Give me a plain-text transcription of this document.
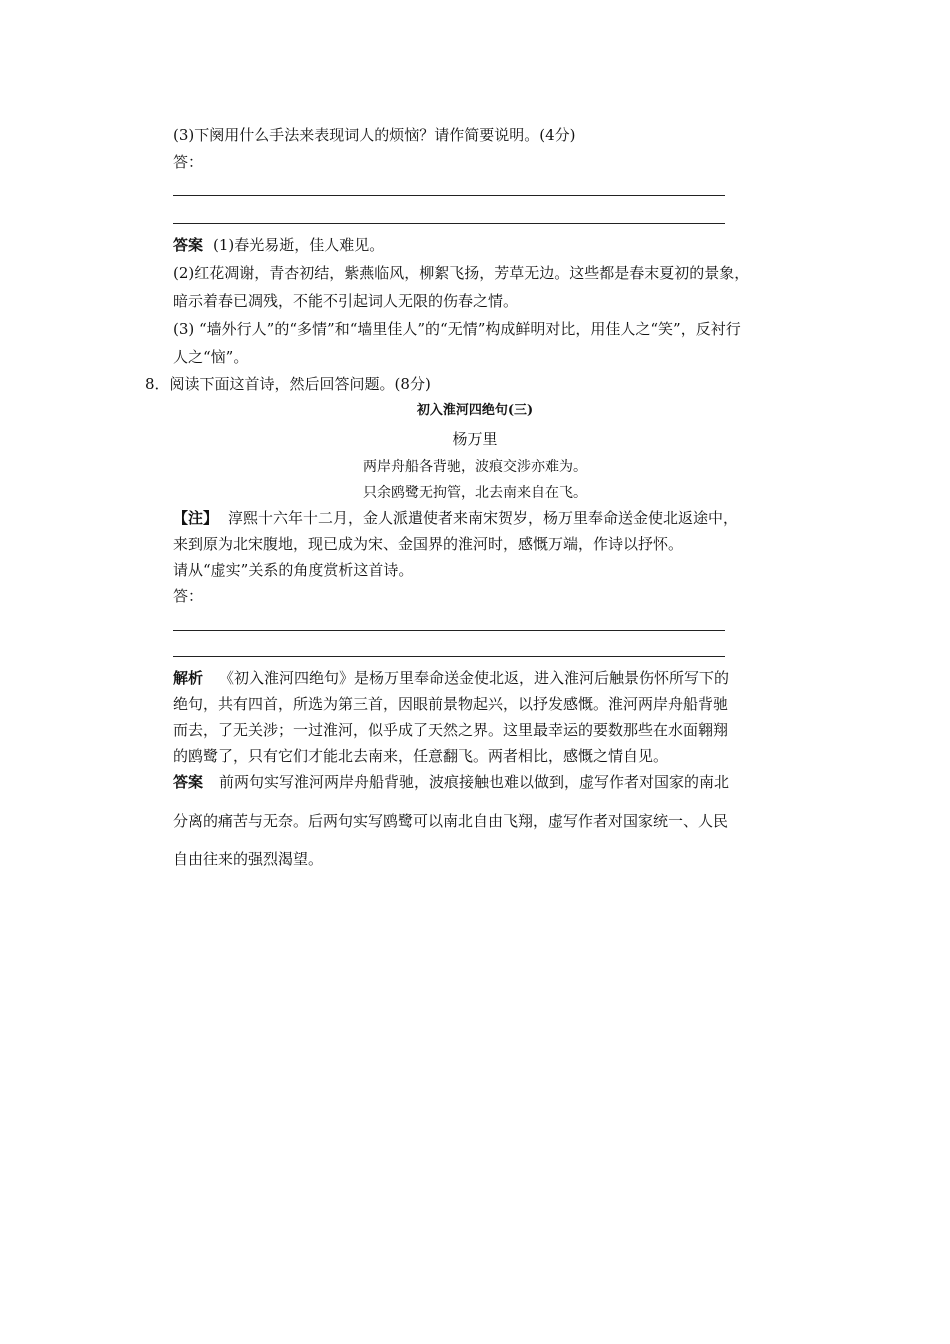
(3)下阕用什么手法来表现词人的烦恼？请作简要说明。(4分)
答：
答案 (1)春光易逝，佳人难见。
(2)红花凋谢，青杏初结，紫燕临风，柳絮飞扬，芳草无边。这些都是春末夏初的景象，
暗示着春已凋残，不能不引起词人无限的伤春之情。
(3) “墙外行人”的“多情”和“墙里佳人”的“无情”构成鲜明对比，用佳人之“笑”，反衬行
人之“恼”。
8．阅读下面这首诗，然后回答问题。(8分)
初入淮河四绝句(三)
杨万里
两岸舟船各背驰，波痕交涉亦难为。
只余鸥鹭无拘管，北去南来自在飞。
【注】 淳熙十六年十二月，金人派遣使者来南宋贺岁，杨万里奉命送金使北返途中，
来到原为北宋腹地，现已成为宋、金国界的淮河时，感慨万端，作诗以抒怀。
请从“虚实”关系的角度赏析这首诗。
答：
解析 《初入淮河四绝句》是杨万里奉命送金使北返，进入淮河后触景伤怀所写下的
绝句，共有四首，所选为第三首，因眼前景物起兴，以抒发感慨。淮河两岸舟船背驰
而去，了无关涉；一过淮河，似乎成了天然之界。这里最幸运的要数那些在水面翱翔
的鸥鹭了，只有它们才能北去南来，任意翻飞。两者相比，感慨之情自见。
答案 前两句实写淮河两岸舟船背驰，波痕接触也难以做到，虚写作者对国家的南北
分离的痛苦与无奈。后两句实写鸥鹭可以南北自由飞翔，虚写作者对国家统一、人民
自由往来的强烈渴望。
